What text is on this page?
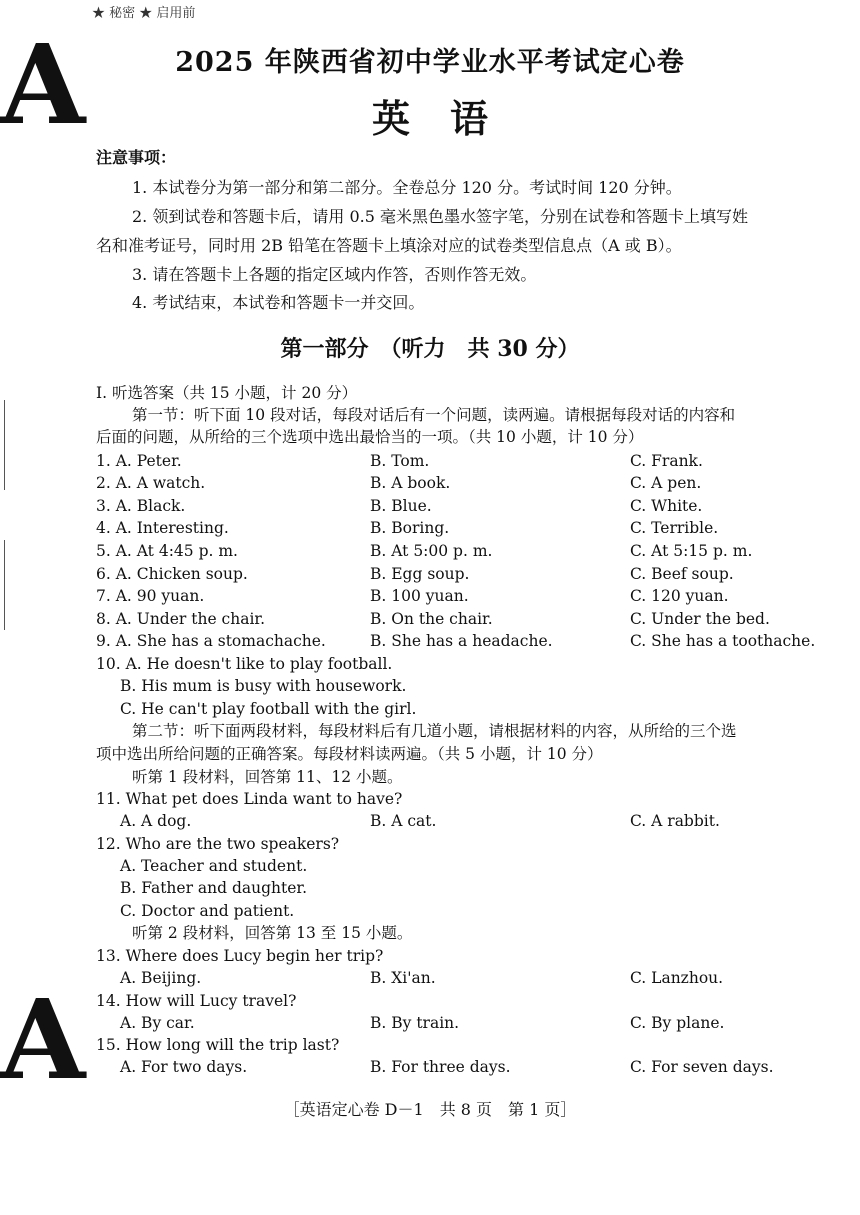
★ 秘密 ★ 启用前
A
A
2025 年陕西省初中学业水平考试定心卷
英语
注意事项：
1. 本试卷分为第一部分和第二部分。全卷总分 120 分。考试时间 120 分钟。
2. 领到试卷和答题卡后，请用 0.5 毫米黑色墨水签字笔，分别在试卷和答题卡上填写姓
名和准考证号，同时用 2B 铅笔在答题卡上填涂对应的试卷类型信息点（A 或 B）。
3. 请在答题卡上各题的指定区域内作答，否则作答无效。
4. 考试结束，本试卷和答题卡一并交回。
第一部分　（听力　共 30 分）
Ⅰ. 听选答案（共 15 小题，计 20 分）
第一节：听下面 10 段对话，每段对话后有一个问题，读两遍。请根据每段对话的内容和
后面的问题，从所给的三个选项中选出最恰当的一项。（共 10 小题，计 10 分）
1. A. Peter.	B. Tom.	C. Frank.
2. A. A watch.	B. A book.	C. A pen.
3. A. Black.	B. Blue.	C. White.
4. A. Interesting.	B. Boring.	C. Terrible.
5. A. At 4:45 p. m.	B. At 5:00 p. m.	C. At 5:15 p. m.
6. A. Chicken soup.	B. Egg soup.	C. Beef soup.
7. A. 90 yuan.	B. 100 yuan.	C. 120 yuan.
8. A. Under the chair.	B. On the chair.	C. Under the bed.
9. A. She has a stomachache.	B. She has a headache.	C. She has a toothache.
10. A. He doesn't like to play football.
B. His mum is busy with housework.
C. He can't play football with the girl.
第二节：听下面两段材料，每段材料后有几道小题，请根据材料的内容，从所给的三个选
项中选出所给问题的正确答案。每段材料读两遍。（共 5 小题，计 10 分）
听第 1 段材料，回答第 11、12 小题。
11. What pet does Linda want to have?
A. A dog.	B. A cat.	C. A rabbit.
12. Who are the two speakers?
A. Teacher and student.
B. Father and daughter.
C. Doctor and patient.
听第 2 段材料，回答第 13 至 15 小题。
13. Where does Lucy begin her trip?
A. Beijing.	B. Xi'an.	C. Lanzhou.
14. How will Lucy travel?
A. By car.	B. By train.	C. By plane.
15. How long will the trip last?
A. For two days.	B. For three days.	C. For seven days.
［英语定心卷 D－1　共 8 页　第 1 页］
